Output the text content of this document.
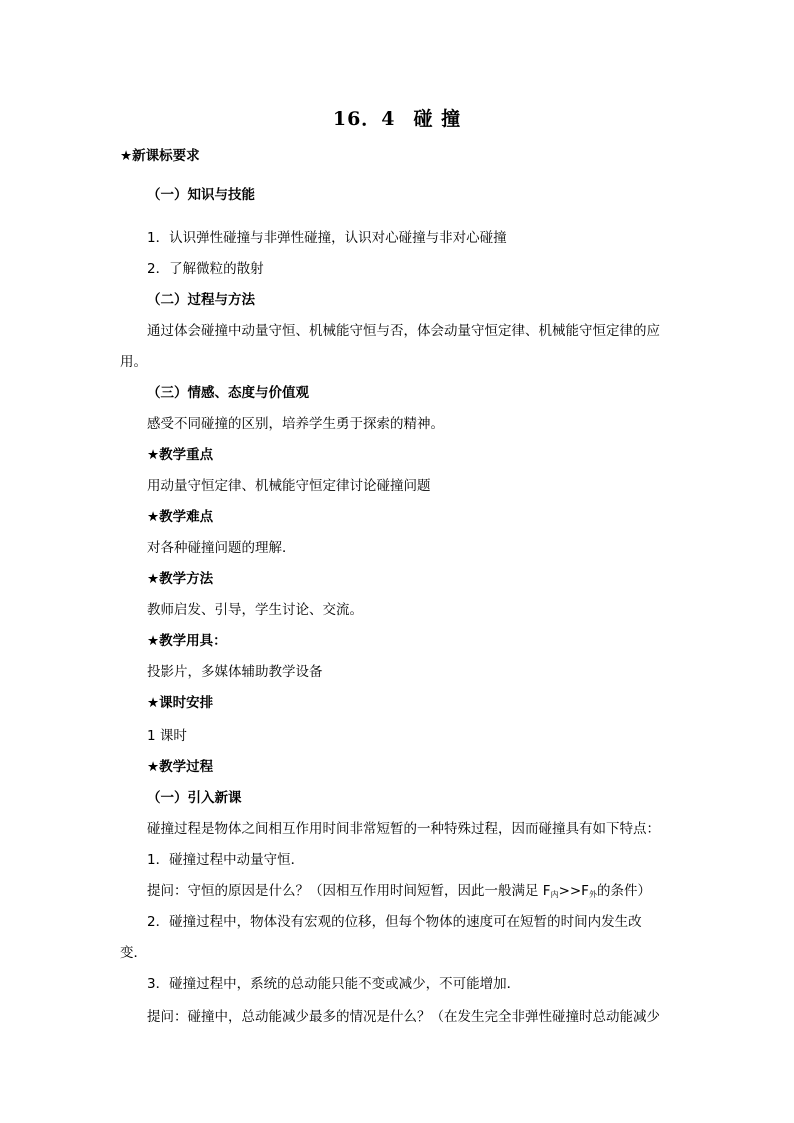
16．4 碰 撞
★ 新课标要求
（一）知识与技能
1．认识弹性碰撞与非弹性碰撞，认识对心碰撞与非对心碰撞
2．了解微粒的散射
（二）过程与方法
通过体会碰撞中动量守恒、机械能守恒与否，体会动量守恒定律、机械能守恒定律的应
用。
（三）情感、态度与价值观
感受不同碰撞的区别，培养学生勇于探索的精神。
★ 教学重点
用动量守恒定律、机械能守恒定律讨论碰撞问题
★ 教学难点
对各种碰撞问题的理解．
★ 教学方法
教师启发、引导，学生讨论、交流。
★ 教学用具：
投影片，多媒体辅助教学设备
★ 课时安排
1 课时
★ 教学过程
（一）引入新课
碰撞过程是物体之间相互作用时间非常短暂的一种特殊过程，因而碰撞具有如下特点：
1．碰撞过程中动量守恒．
提问：守恒的原因是什么？（因相互作用时间短暂，因此一般满足 $F_内>>F_外$的条件）
2．碰撞过程中，物体没有宏观的位移，但每个物体的速度可在短暂的时间内发生改
变．
3．碰撞过程中，系统的总动能只能不变或减少，不可能增加．
提问：碰撞中，总动能减少最多的情况是什么？（在发生完全非弹性碰撞时总动能减少
